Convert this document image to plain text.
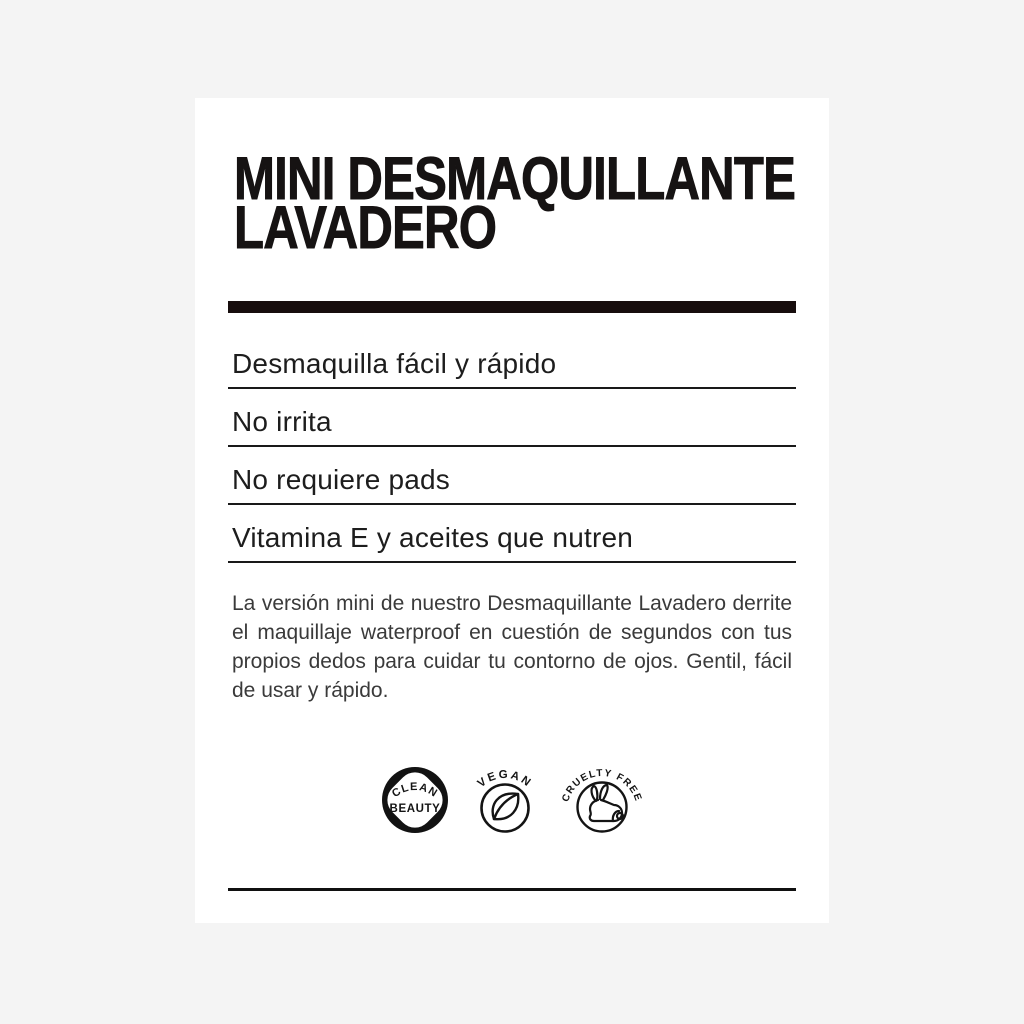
MINI DESMAQUILLANTE
LAVADERO
Desmaquilla fácil y rápido
No irrita
No requiere pads
Vitamina E y aceites que nutren
La versión mini de nuestro Desmaquillante Lavadero derrite el maquillaje waterproof en cuestión de segundos con tus propios dedos para cuidar tu contorno de ojos. Gentil, fácil de usar y rápido.
CLEAN
BEAUTY
VEGAN
CRUELTY FREE
